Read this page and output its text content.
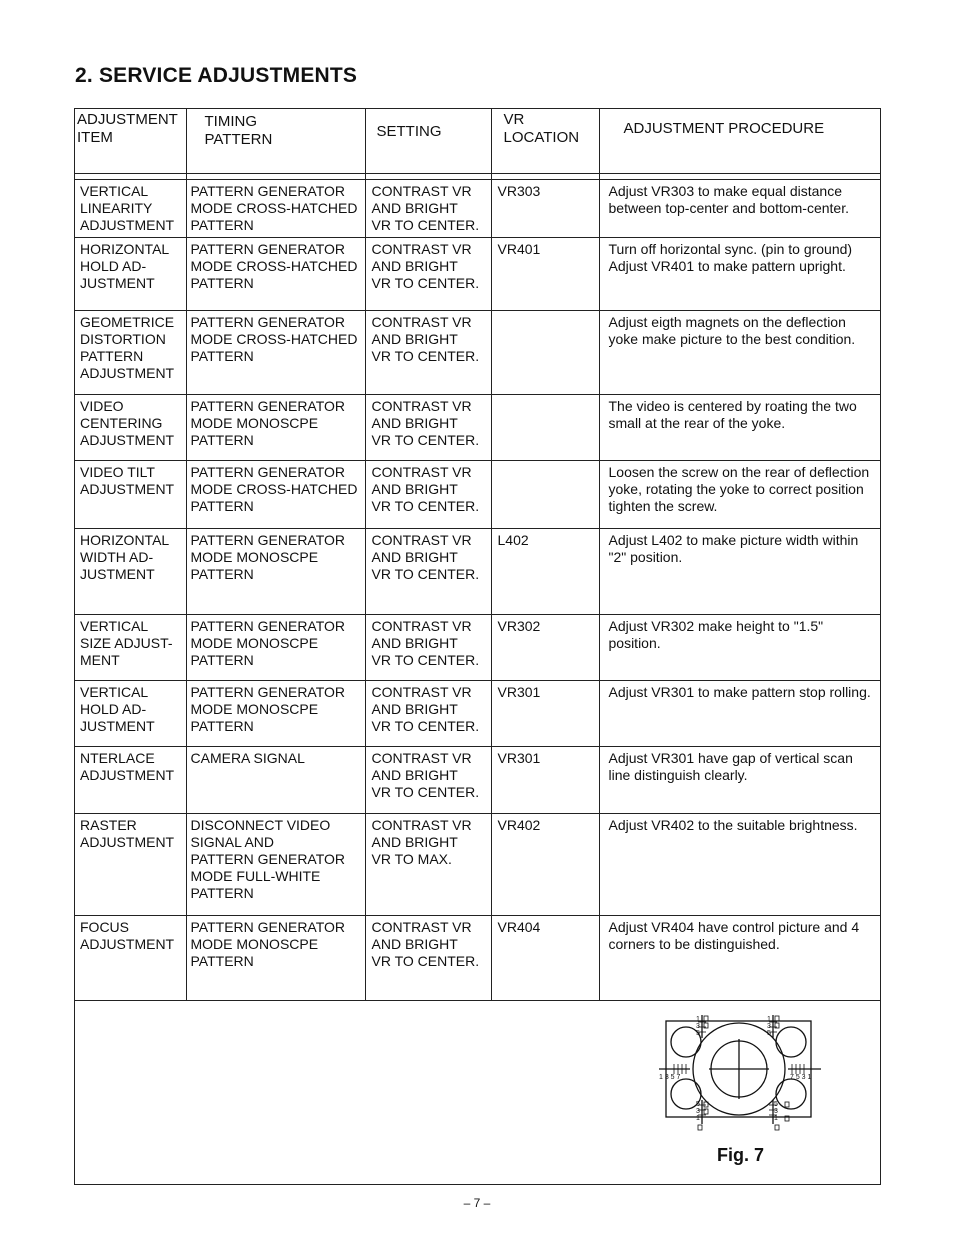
2. SERVICE ADJUSTMENTS
ADJUSTMENT
ITEM	TIMING
PATTERN	SETTING	VR
LOCATION	ADJUSTMENT PROCEDURE

VERTICAL
LINEARITY
ADJUSTMENT	PATTERN GENERATOR
MODE CROSS-HATCHED
PATTERN	CONTRAST VR
AND BRIGHT
VR TO CENTER.	VR303	Adjust VR303 to make equal distance
between top-center and bottom-center.

HORIZONTAL
HOLD AD-
JUSTMENT	PATTERN GENERATOR
MODE CROSS-HATCHED
PATTERN	CONTRAST VR
AND BRIGHT
VR TO CENTER.	VR401	Turn off horizontal sync. (pin to ground)
Adjust VR401 to make pattern upright.

GEOMETRICE
DISTORTION
PATTERN
ADJUSTMENT	PATTERN GENERATOR
MODE CROSS-HATCHED
PATTERN	CONTRAST VR
AND BRIGHT
VR TO CENTER.		Adjust eigth magnets on the deflection
yoke make picture to the best condition.

VIDEO
CENTERING
ADJUSTMENT	PATTERN GENERATOR
MODE MONOSCPE
PATTERN	CONTRAST VR
AND BRIGHT
VR TO CENTER.		The video is centered by roating the two
small at the rear of the yoke.

VIDEO TILT
ADJUSTMENT	PATTERN GENERATOR
MODE CROSS-HATCHED
PATTERN	CONTRAST VR
AND BRIGHT
VR TO CENTER.		Loosen the screw on the rear of deflection
yoke, rotating the yoke to correct position
tighten the screw.

HORIZONTAL
WIDTH AD-
JUSTMENT	PATTERN GENERATOR
MODE MONOSCPE
PATTERN	CONTRAST VR
AND BRIGHT
VR TO CENTER.	L402	Adjust L402 to make picture width within
"2" position.

VERTICAL
SIZE ADJUST-
MENT	PATTERN GENERATOR
MODE MONOSCPE
PATTERN	CONTRAST VR
AND BRIGHT
VR TO CENTER.	VR302	Adjust VR302 make height to "1.5"
position.

VERTICAL
HOLD AD-
JUSTMENT	PATTERN GENERATOR
MODE MONOSCPE
PATTERN	CONTRAST VR
AND BRIGHT
VR TO CENTER.	VR301	Adjust VR301 to make pattern stop rolling.

NTERLACE
ADJUSTMENT	CAMERA SIGNAL	CONTRAST VR
AND BRIGHT
VR TO CENTER.	VR301	Adjust VR301 have gap of vertical scan
line distinguish clearly.

RASTER
ADJUSTMENT	DISCONNECT VIDEO
SIGNAL AND
PATTERN GENERATOR
MODE FULL-WHITE
PATTERN	CONTRAST VR
AND BRIGHT
VR TO MAX.	VR402	Adjust VR402 to the suitable brightness.

FOCUS
ADJUSTMENT	PATTERN GENERATOR
MODE MONOSCPE
PATTERN	CONTRAST VR
AND BRIGHT
VR TO CENTER.	VR404	Adjust VR404 have control picture and 4
corners to be distinguished.
1 3 5 7	7 5 3 1
1
3
5
1
3
5
5
3
1
5
3
1
Fig. 7
– 7 –
